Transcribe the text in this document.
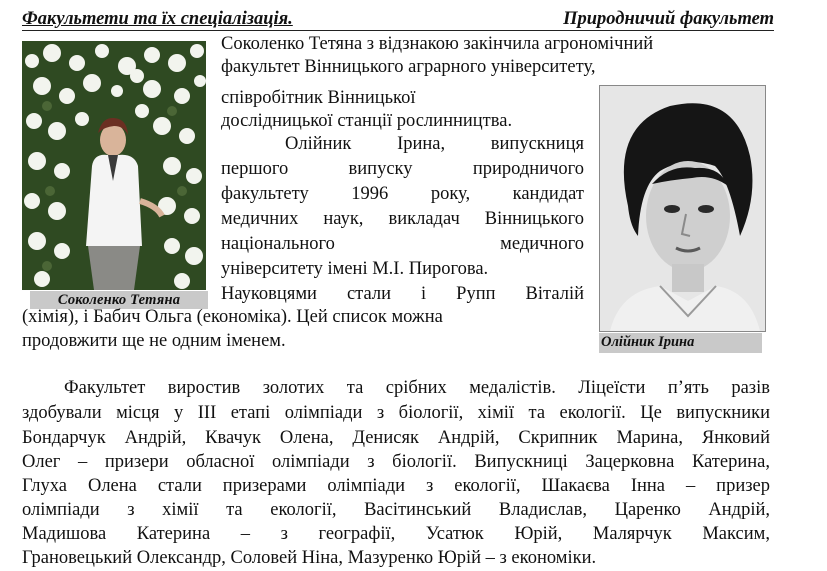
Факультети та їх спеціалізація.	Природничий факультет
Соколенко Тетяна
Олійник Ірина
Соколенко Тетяна з відзнакою закінчила агрономічний
факультет Вінницького аграрного університету,
співробітник Вінницької
дослідницької станції рослинництва.
Олійник Ірина, випускниця
першого випуску природничого
факультету 1996 року, кандидат
медичних наук, викладач Вінницького
національного медичного
університету імені М.І. Пирогова.
Науковцями стали і Рупп Віталій
(хімія), і Бабич Ольга (економіка). Цей список можна
продовжити ще не одним іменем.
Факультет виростив золотих та срібних медалістів. Ліцеїсти п’ять разів
здобували місця у ІІІ етапі олімпіади з біології, хімії та екології. Це випускники
Бондарчук Андрій, Квачук Олена, Денисяк Андрій, Скрипник Марина, Янковий
Олег – призери обласної олімпіади з біології. Випускниці Зацерковна Катерина,
Глуха Олена стали призерами олімпіади з екології, Шакаєва Інна – призер
олімпіади з хімії та екології, Васітинський Владислав, Царенко Андрій,
Мадишова Катерина – з географії, Усатюк Юрій, Малярчук Максим,
Грановецький Олександр, Соловей Ніна, Мазуренко Юрій – з економіки.
